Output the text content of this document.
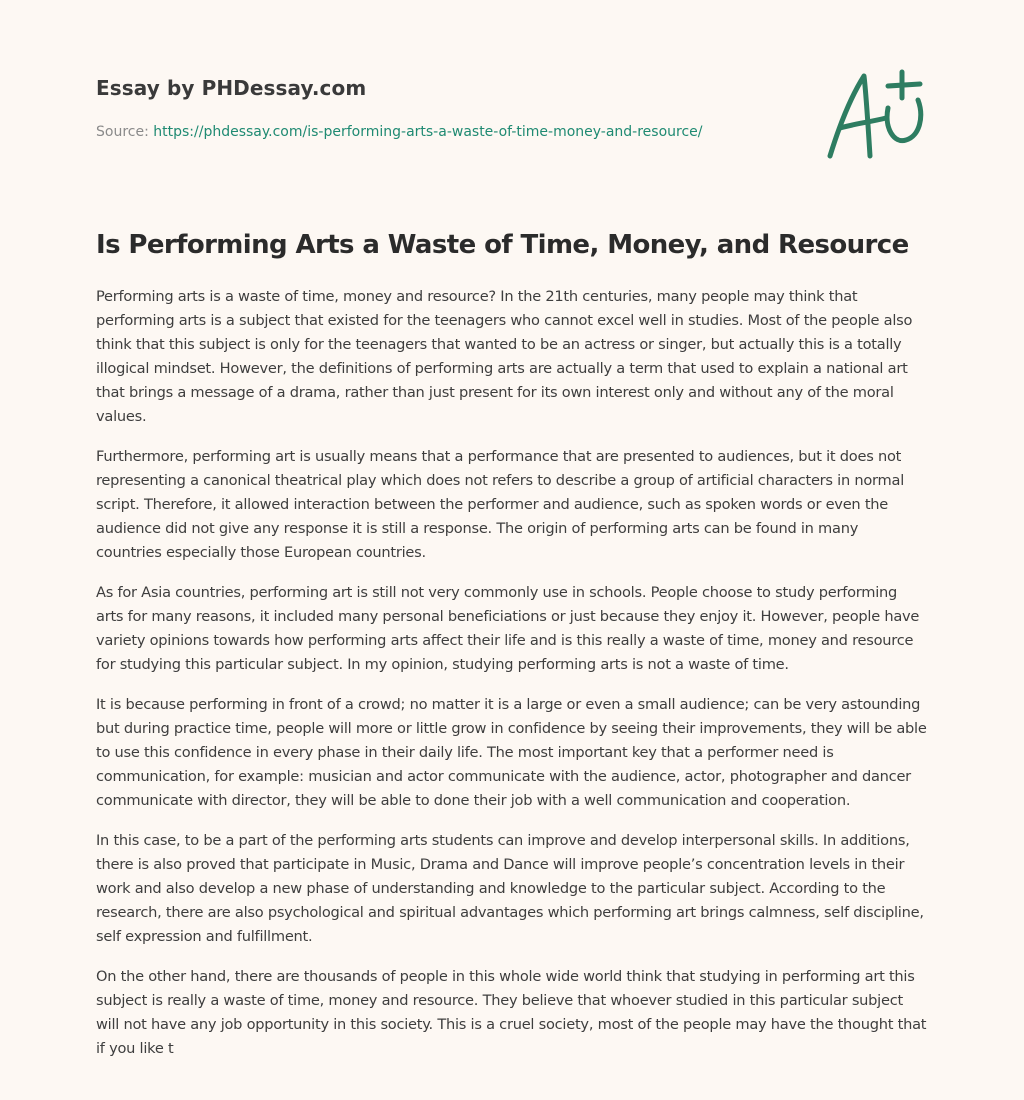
Essay by PHDessay.com
Source: https://phdessay.com/is-performing-arts-a-waste-of-time-money-and-resource/
Is Performing Arts a Waste of Time, Money, and Resource

Performing arts is a waste of time, money and resource? In the 21th centuries, many people may think that performing arts is a subject that existed for the teenagers who cannot excel well in studies. Most of the people also think that this subject is only for the teenagers that wanted to be an actress or singer, but actually this is a totally illogical mindset. However, the definitions of performing arts are actually a term that used to explain a national art that brings a message of a drama, rather than just present for its own interest only and without any of the moral values.

Furthermore, performing art is usually means that a performance that are presented to audiences, but it does not representing a canonical theatrical play which does not refers to describe a group of artificial characters in normal script. Therefore, it allowed interaction between the performer and audience, such as spoken words or even the audience did not give any response it is still a response. The origin of performing arts can be found in many countries especially those European countries.

As for Asia countries, performing art is still not very commonly use in schools. People choose to study performing arts for many reasons, it included many personal beneficiations or just because they enjoy it. However, people have variety opinions towards how performing arts affect their life and is this really a waste of time, money and resource for studying this particular subject. In my opinion, studying performing arts is not a waste of time.

It is because performing in front of a crowd; no matter it is a large or even a small audience; can be very astounding but during practice time, people will more or little grow in confidence by seeing their improvements, they will be able to use this confidence in every phase in their daily life. The most important key that a performer need is communication, for example: musician and actor communicate with the audience, actor, photographer and dancer communicate with director, they will be able to done their job with a well communication and cooperation.

In this case, to be a part of the performing arts students can improve and develop interpersonal skills. In additions, there is also proved that participate in Music, Drama and Dance will improve people’s concentration levels in their work and also develop a new phase of understanding and knowledge to the particular subject. According to the research, there are also psychological and spiritual advantages which performing art brings calmness, self discipline, self expression and fulfillment.

On the other hand, there are thousands of people in this whole wide world think that studying in performing art this subject is really a waste of time, money and resource. They believe that whoever studied in this particular subject will not have any job opportunity in this society. This is a cruel society, most of the people may have the thought that if you like t
